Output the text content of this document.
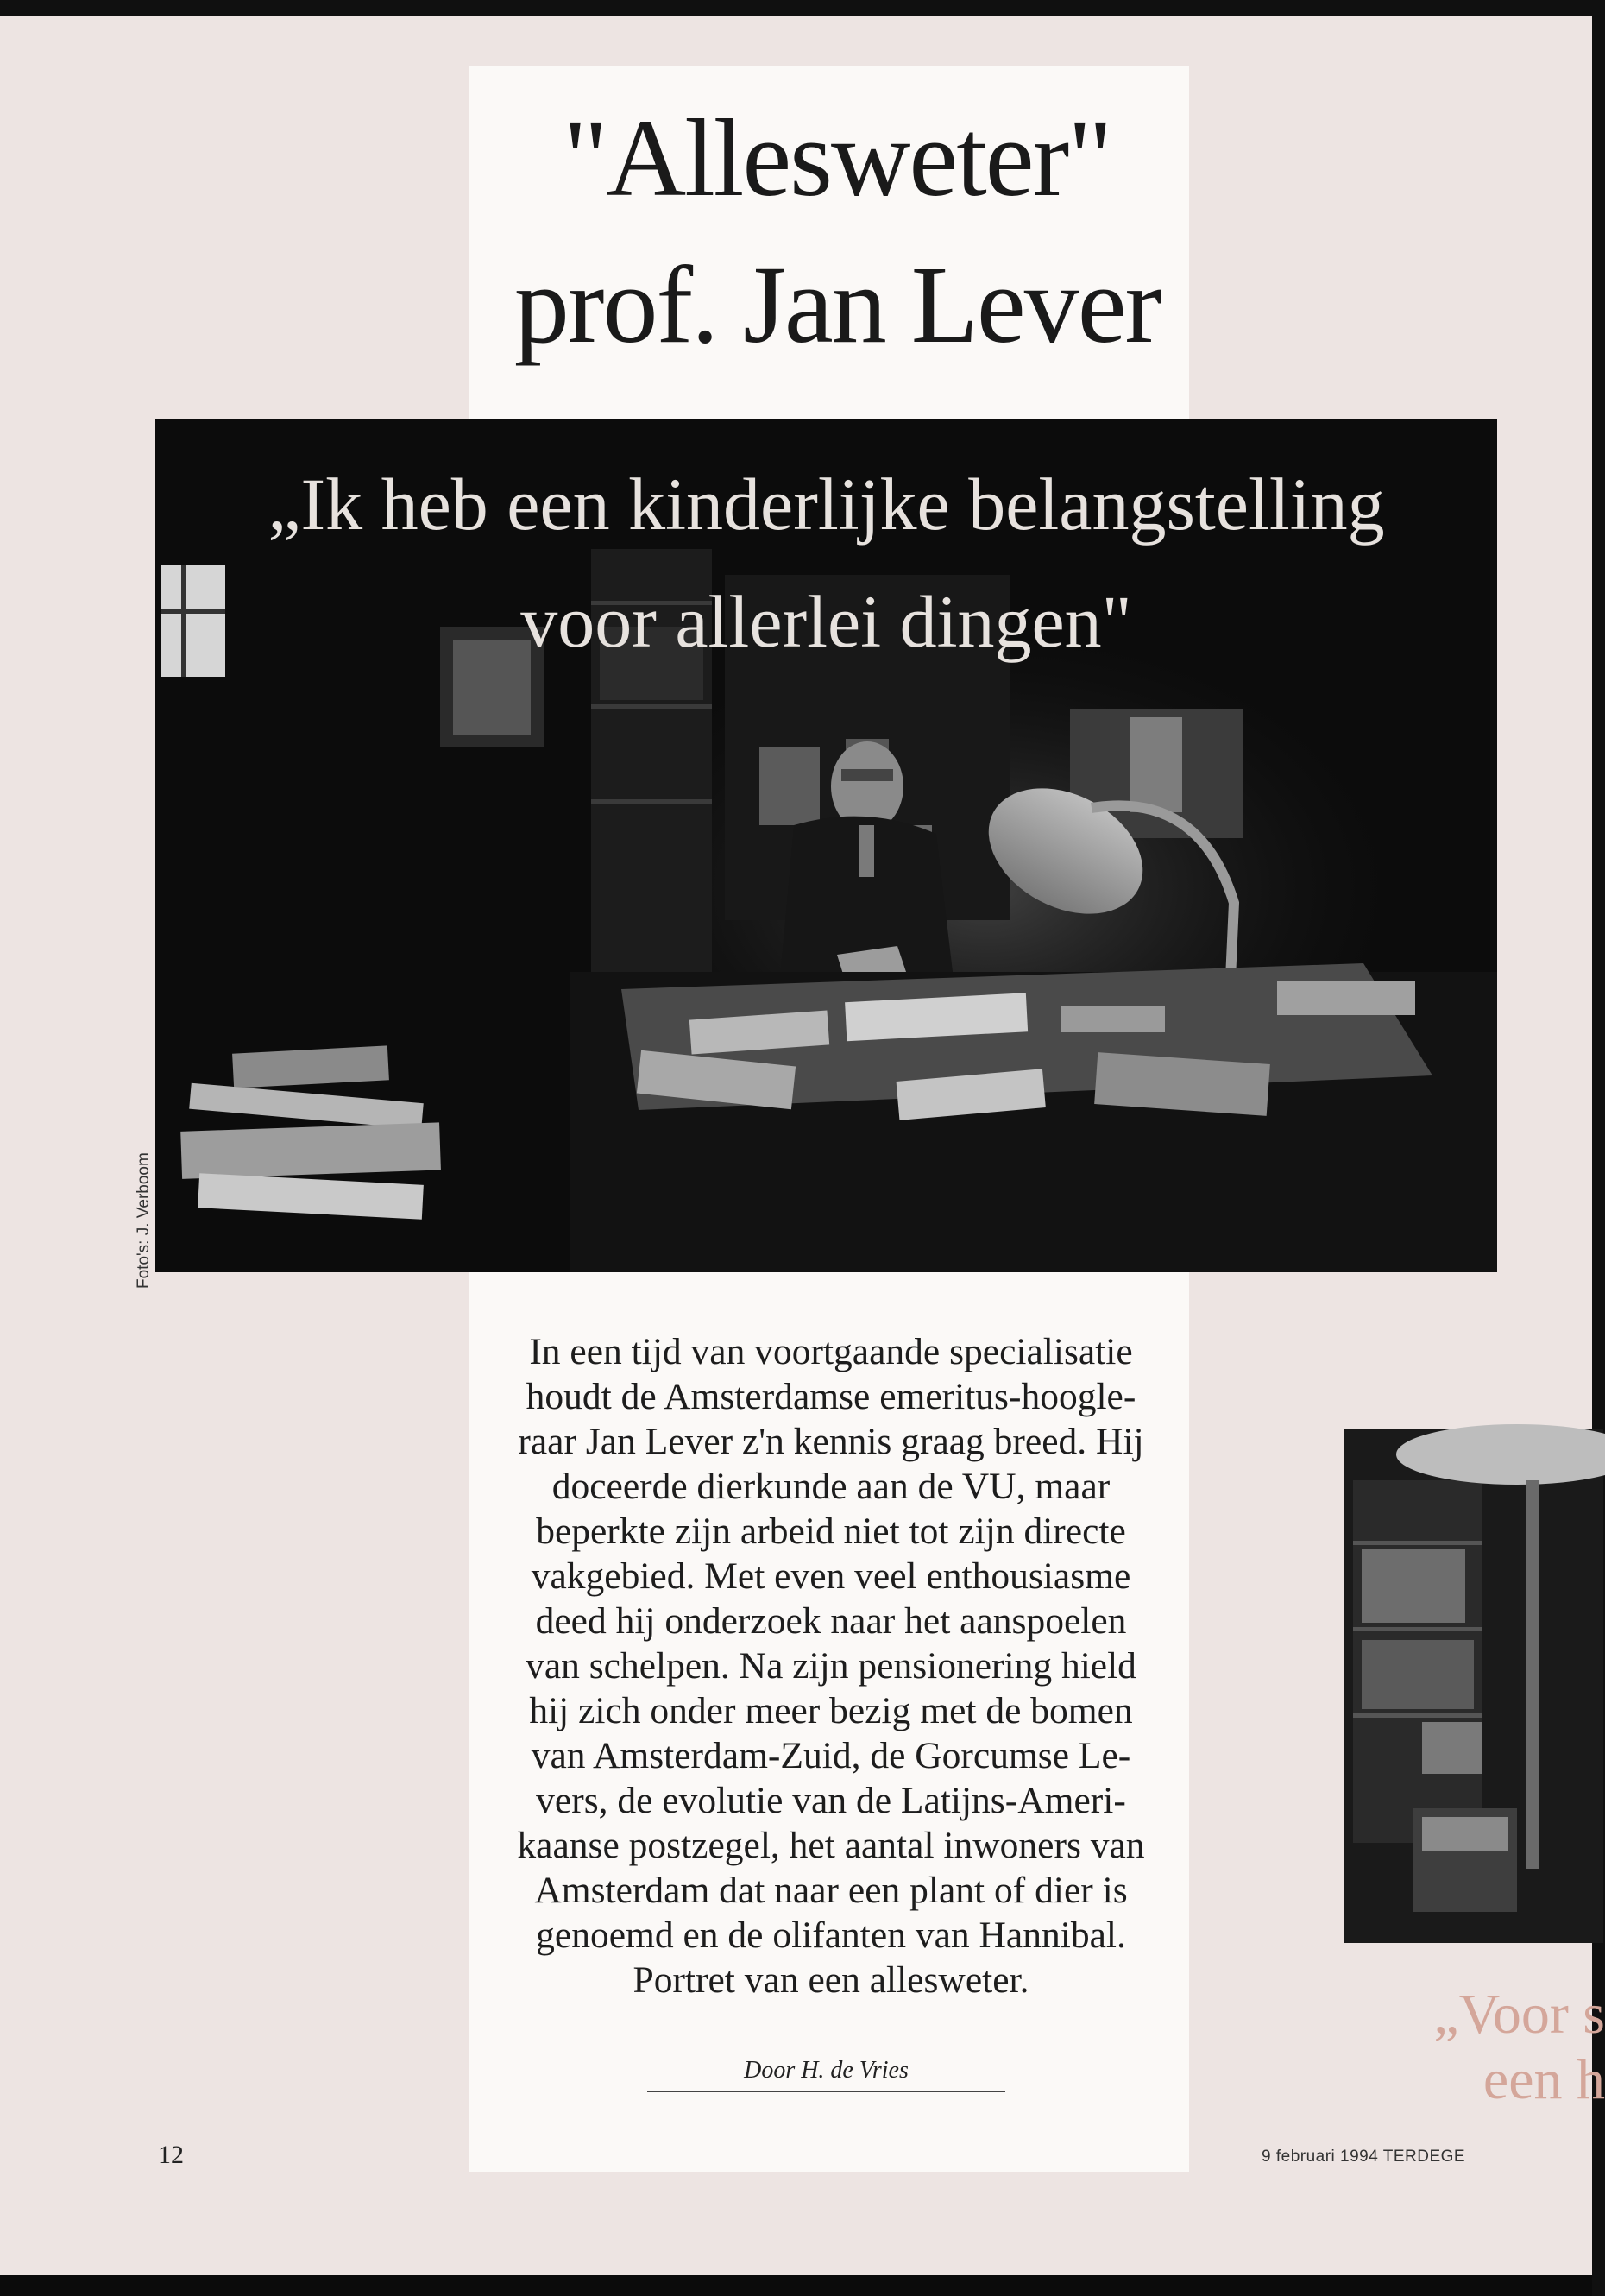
"Allesweter"
prof. Jan Lever
„Ik heb een kinderlijke belangstelling
voor allerlei dingen"
Foto's: J. Verboom
In een tijd van voortgaande specialisatie
houdt de Amsterdamse emeritus-hoogle-
raar Jan Lever z'n kennis graag breed. Hij
doceerde dierkunde aan de VU, maar
beperkte zijn arbeid niet tot zijn directe
vakgebied. Met even veel enthousiasme
deed hij onderzoek naar het aanspoelen
van schelpen. Na zijn pensionering hield
hij zich onder meer bezig met de bomen
van Amsterdam-Zuid, de Gorcumse Le-
vers, de evolutie van de Latijns-Ameri-
kaanse postzegel, het aantal inwoners van
Amsterdam dat naar een plant of dier is
genoemd en de olifanten van Hannibal.
Portret van een allesweter.
Door H. de Vries
„Voor s
een h
12	9 februari 1994 TERDEGE
